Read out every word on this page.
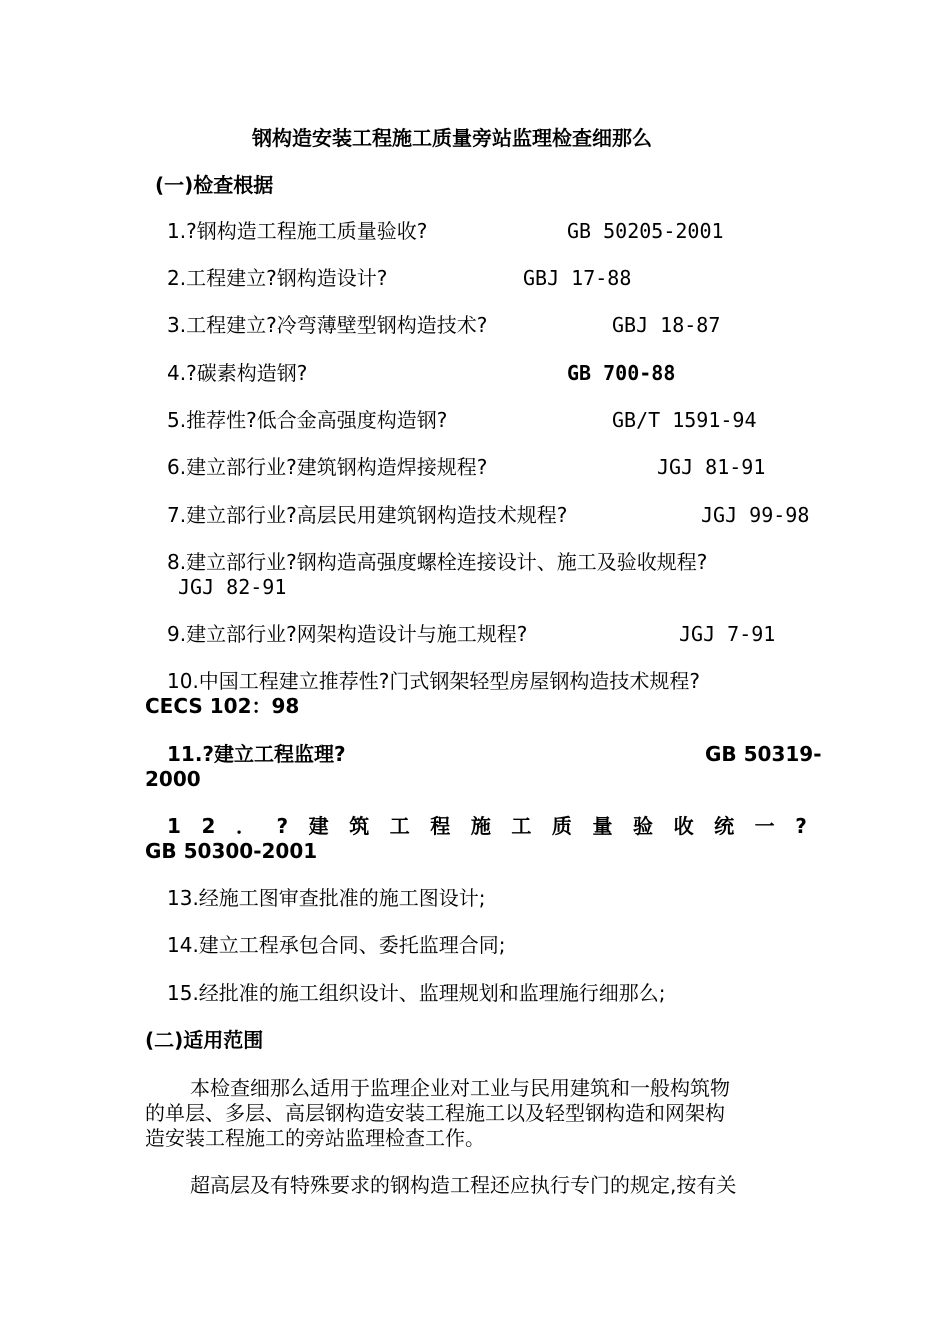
钢构造安装工程施工质量旁站监理检查细那么
(一)检查根据
1.?钢构造工程施工质量验收?	GB 50205-2001
2.工程建立?钢构造设计?	GBJ 17-88
3.工程建立?冷弯薄壁型钢构造技术?	GBJ 18-87
4.?碳素构造钢?	GB 700-88
5.推荐性?低合金高强度构造钢?	GB/T 1591-94
6.建立部行业?建筑钢构造焊接规程?	JGJ 81-91
7.建立部行业?高层民用建筑钢构造技术规程?	JGJ 99-98
8.建立部行业?钢构造高强度螺栓连接设计、施工及验收规程?
JGJ 82-91
9.建立部行业?网架构造设计与施工规程?	JGJ 7-91
10.中国工程建立推荐性?门式钢架轻型房屋钢构造技术规程?
CECS 102：98
11.?建立工程监理?	GB 50319-
2000
1 2 ． ? 建 筑 工 程 施 工 质 量 验 收 统 一 ?
GB 50300-2001
13.经施工图审查批准的施工图设计;
14.建立工程承包合同、委托监理合同;
15.经批准的施工组织设计、监理规划和监理施行细那么;
(二)适用范围
本检查细那么适用于监理企业对工业与民用建筑和一般构筑物
的单层、多层、高层钢构造安装工程施工以及轻型钢构造和网架构
造安装工程施工的旁站监理检查工作。
超高层及有特殊要求的钢构造工程还应执行专门的规定,按有关
